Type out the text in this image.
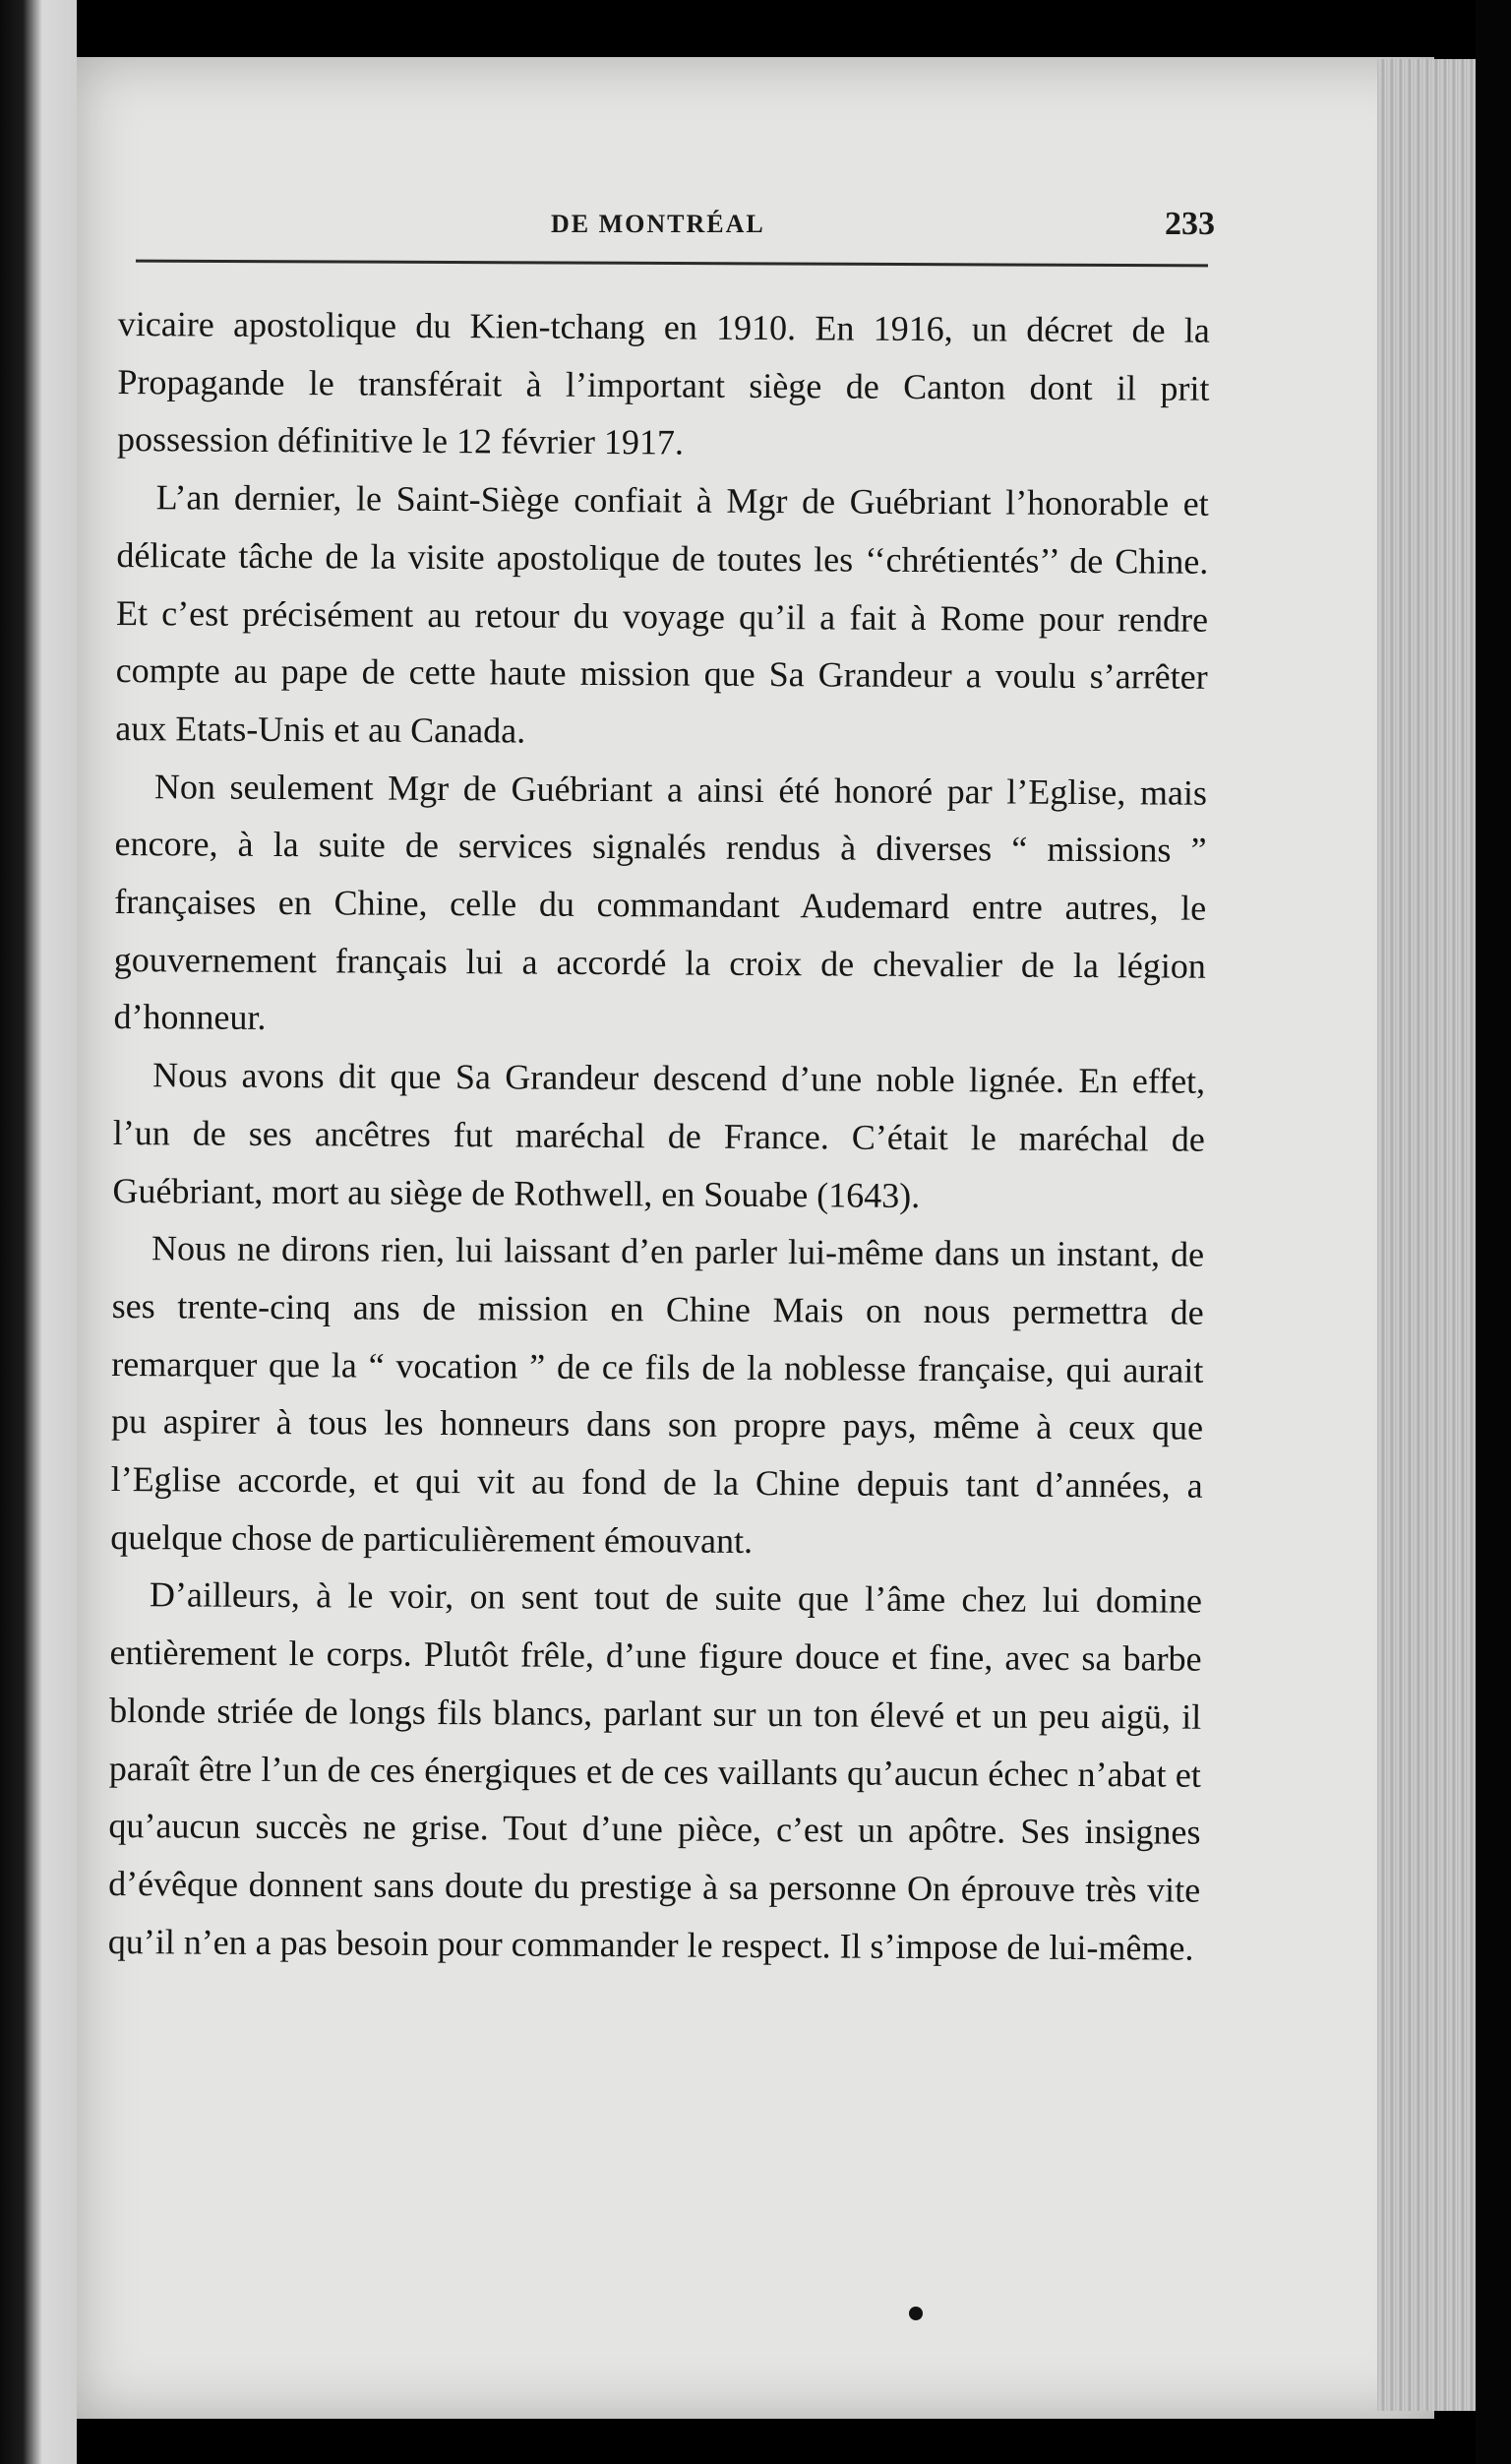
DE MONTRÉAL	233

vicaire apostolique du Kien-tchang en 1910. En 1916, un décret de la Propagande le transférait à l’important siège de Canton dont il prit possession définitive le 12 février 1917.

L’an dernier, le Saint-Siège confiait à Mgr de Guébriant l’honorable et délicate tâche de la visite apostolique de toutes les ‘‘chrétientés’’ de Chine. Et c’est précisément au retour du voyage qu’il a fait à Rome pour rendre compte au pape de cette haute mission que Sa Grandeur a voulu s’arrêter aux Etats-Unis et au Canada.

Non seulement Mgr de Guébriant a ainsi été honoré par l’Eglise, mais encore, à la suite de services signalés rendus à diverses “ missions ” françaises en Chine, celle du commandant Audemard entre autres, le gouvernement français lui a accordé la croix de chevalier de la légion d’honneur.

Nous avons dit que Sa Grandeur descend d’une noble lignée. En effet, l’un de ses ancêtres fut maréchal de France. C’était le maréchal de Guébriant, mort au siège de Rothwell, en Souabe (1643).

Nous ne dirons rien, lui laissant d’en parler lui-même dans un instant, de ses trente-cinq ans de mission en Chine Mais on nous permettra de remarquer que la “ vocation ” de ce fils de la noblesse française, qui aurait pu aspirer à tous les honneurs dans son propre pays, même à ceux que l’Eglise accorde, et qui vit au fond de la Chine depuis tant d’années, a quelque chose de particulièrement émouvant.

D’ailleurs, à le voir, on sent tout de suite que l’âme chez lui domine entièrement le corps. Plutôt frêle, d’une figure douce et fine, avec sa barbe blonde striée de longs fils blancs, parlant sur un ton élevé et un peu aigü, il paraît être l’un de ces énergiques et de ces vaillants qu’aucun échec n’abat et qu’aucun succès ne grise. Tout d’une pièce, c’est un apôtre. Ses insignes d’évêque donnent sans doute du prestige à sa personne On éprouve très vite qu’il n’en a pas besoin pour commander le respect. Il s’impose de lui-même.
